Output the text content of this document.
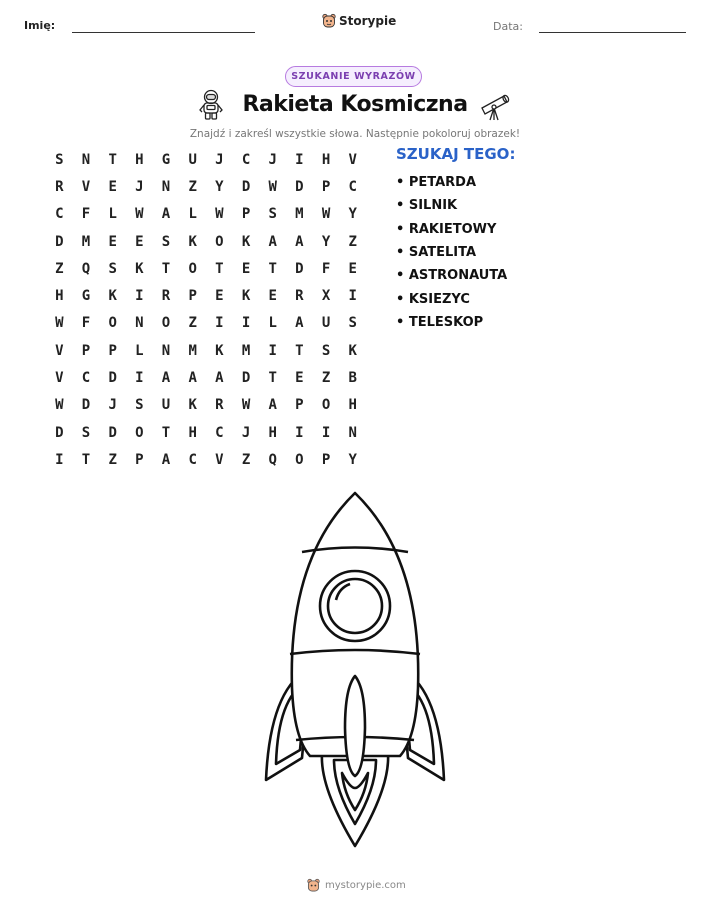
Imię:	Storypie	Data:
SZUKANIE WYRAZÓW
Rakieta Kosmiczna
Znajdź i zakreśl wszystkie słowa. Następnie pokoloruj obrazek!
S	N	T	H	G	U	J	C	J	I	H	V
R	V	E	J	N	Z	Y	D	W	D	P	C
C	F	L	W	A	L	W	P	S	M	W	Y
D	M	E	E	S	K	O	K	A	A	Y	Z
Z	Q	S	K	T	O	T	E	T	D	F	E
H	G	K	I	R	P	E	K	E	R	X	I
W	F	O	N	O	Z	I	I	L	A	U	S
V	P	P	L	N	M	K	M	I	T	S	K
V	C	D	I	A	A	A	D	T	E	Z	B
W	D	J	S	U	K	R	W	A	P	O	H
D	S	D	O	T	H	C	J	H	I	I	N
I	T	Z	P	A	C	V	Z	Q	O	P	Y
SZUKAJ TEGO:
• PETARDA
• SILNIK
• RAKIETOWY
• SATELITA
• ASTRONAUTA
• KSIEZYC
• TELESKOP
mystorypie.com
